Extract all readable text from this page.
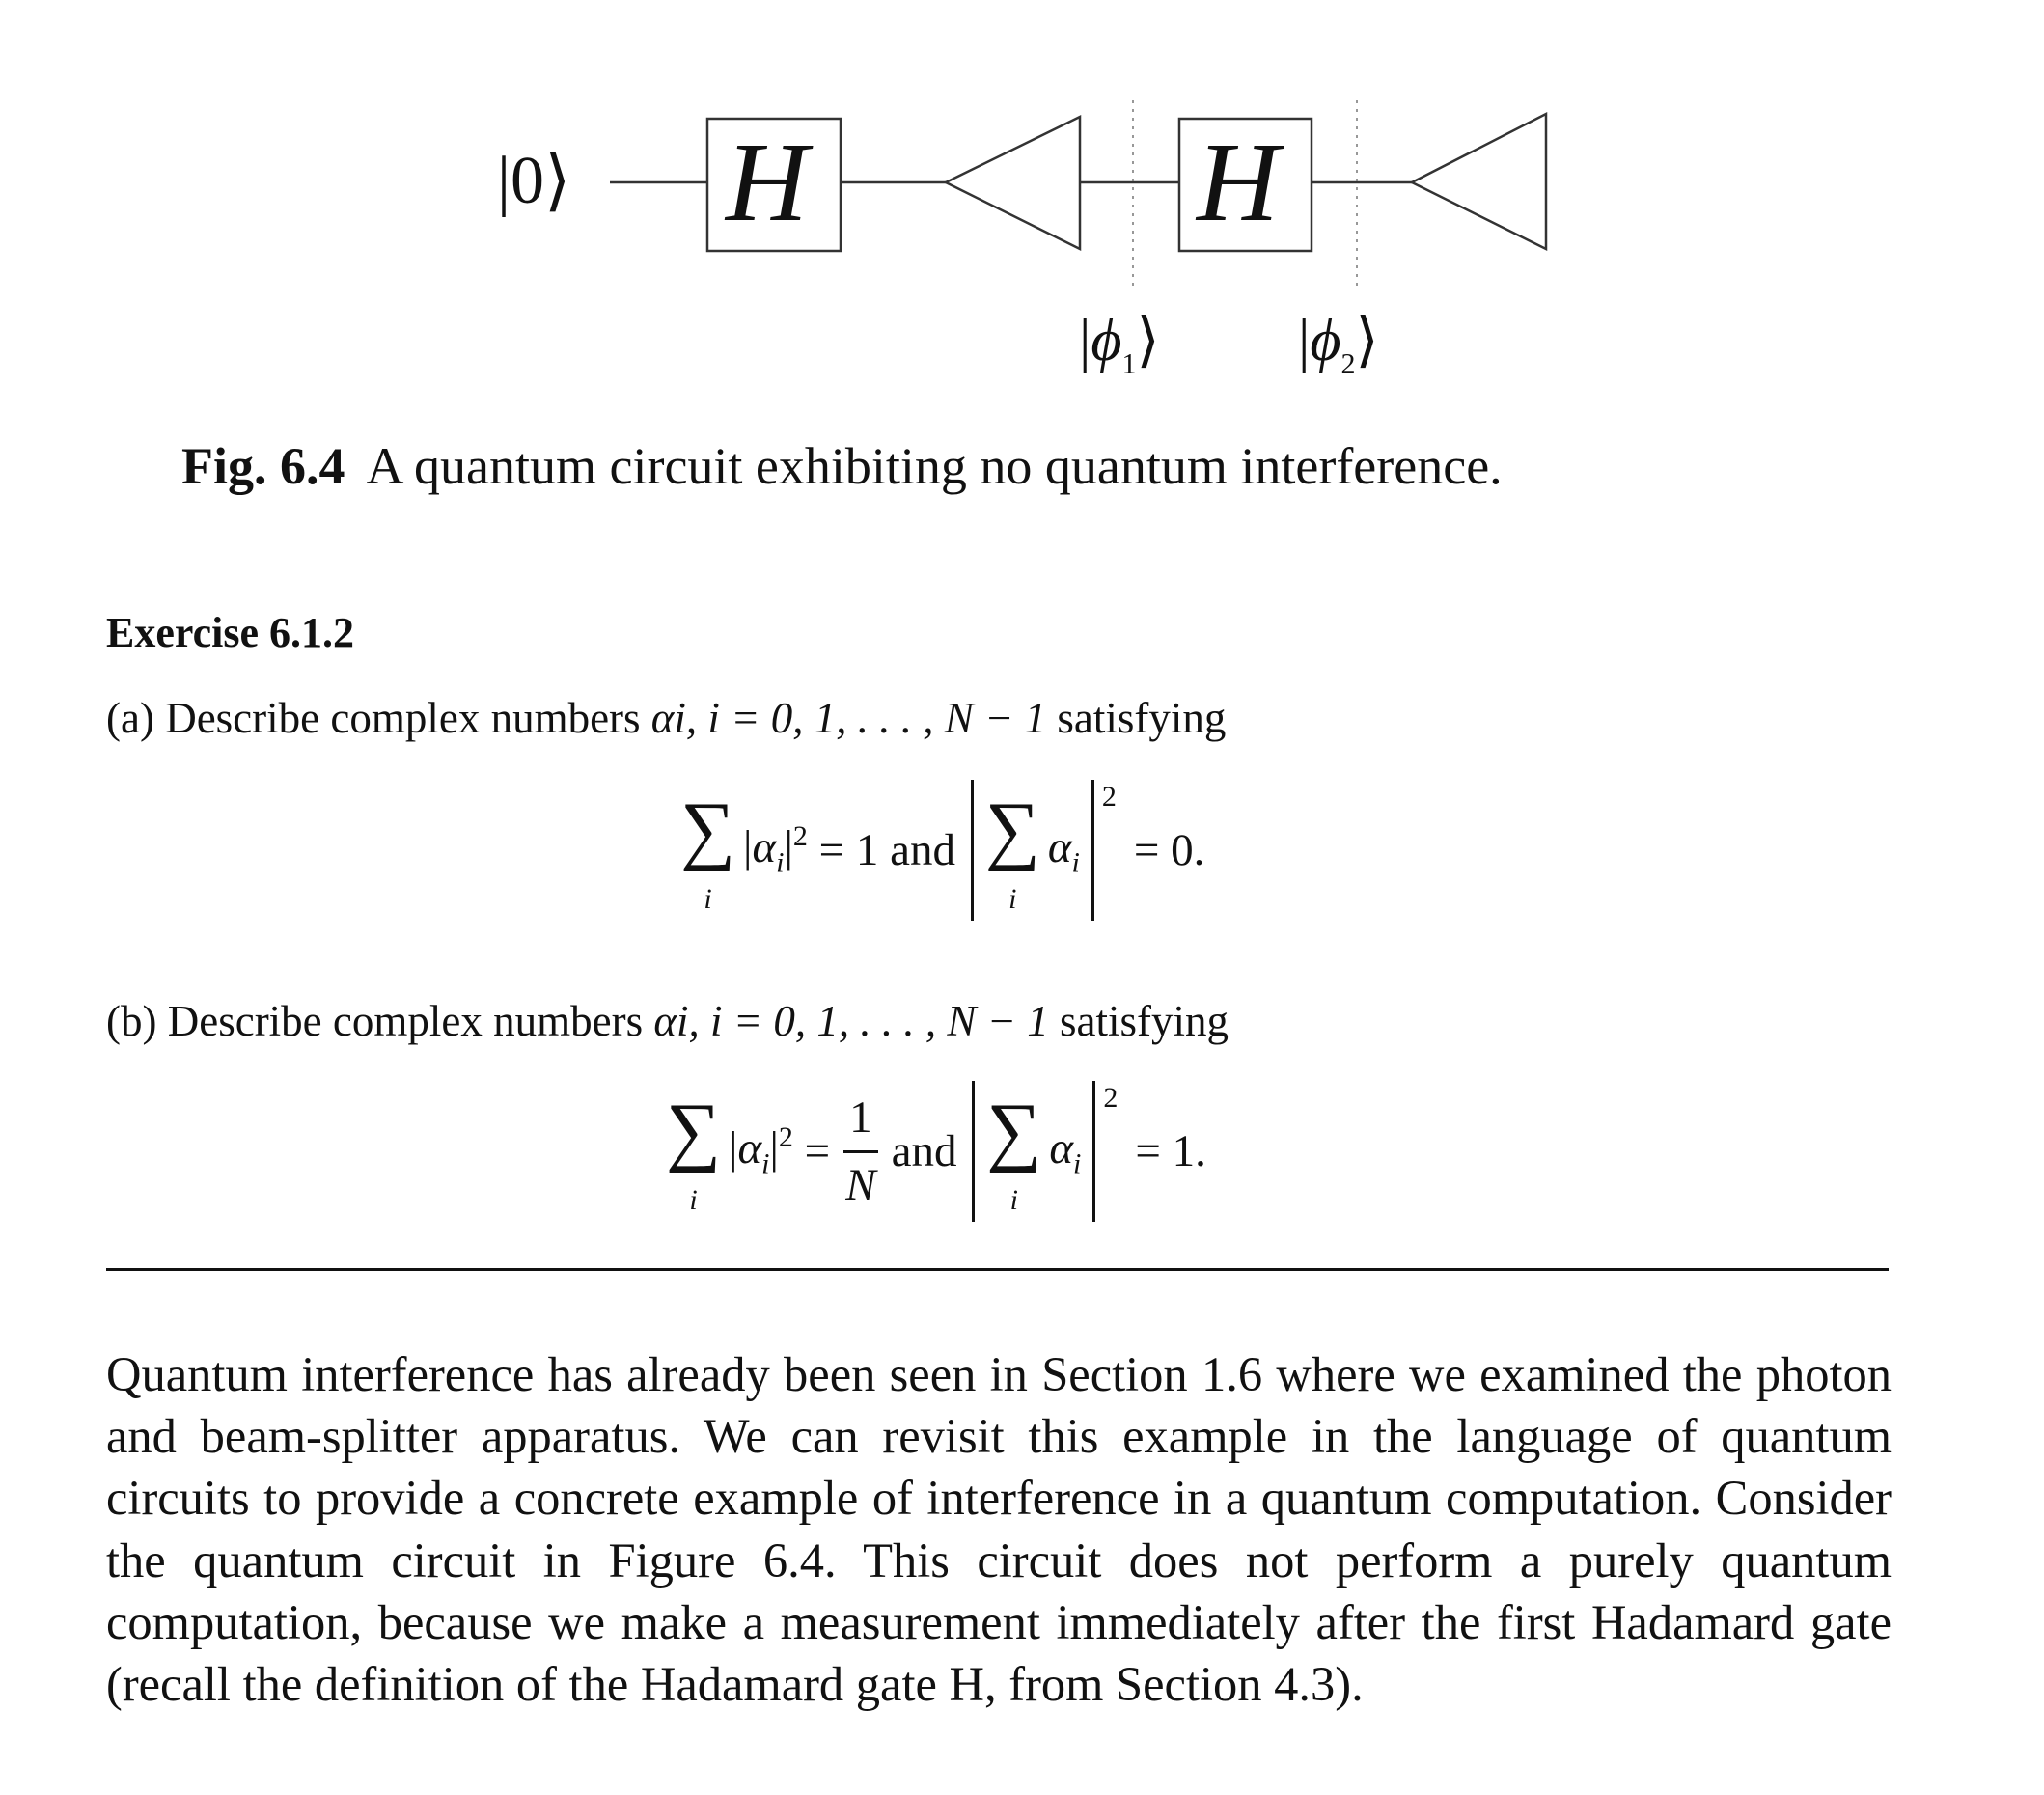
|0⟩ H	H
$|\phi_1⟩$ $|\phi_2⟩$
Fig. 6.4 A quantum circuit exhibiting no quantum interference.
Exercise 6.1.2
(a) Describe complex numbers αi, i = 0, 1, . . . , N − 1 satisfying
∑
i
$|\alpha_i|^2$
= 1
and
∑
i
$\alpha_i$
2
= 0.
(b) Describe complex numbers αi, i = 0, 1, . . . , N − 1 satisfying
∑
i
$|\alpha_i|^2 = \frac{1}{N}$ and
∑
i
$\alpha_i$
2
= 1.
Quantum interference has already been seen in Section 1.6 where we examined the photon and beam-splitter apparatus. We can revisit this example in the language of quantum circuits to provide a concrete example of interference in a quantum computation. Consider the quantum circuit in Figure 6.4. This circuit does not perform a purely quantum computation, because we make a measurement immediately after the first Hadamard gate (recall the definition of the Hadamard gate H, from Section 4.3).
